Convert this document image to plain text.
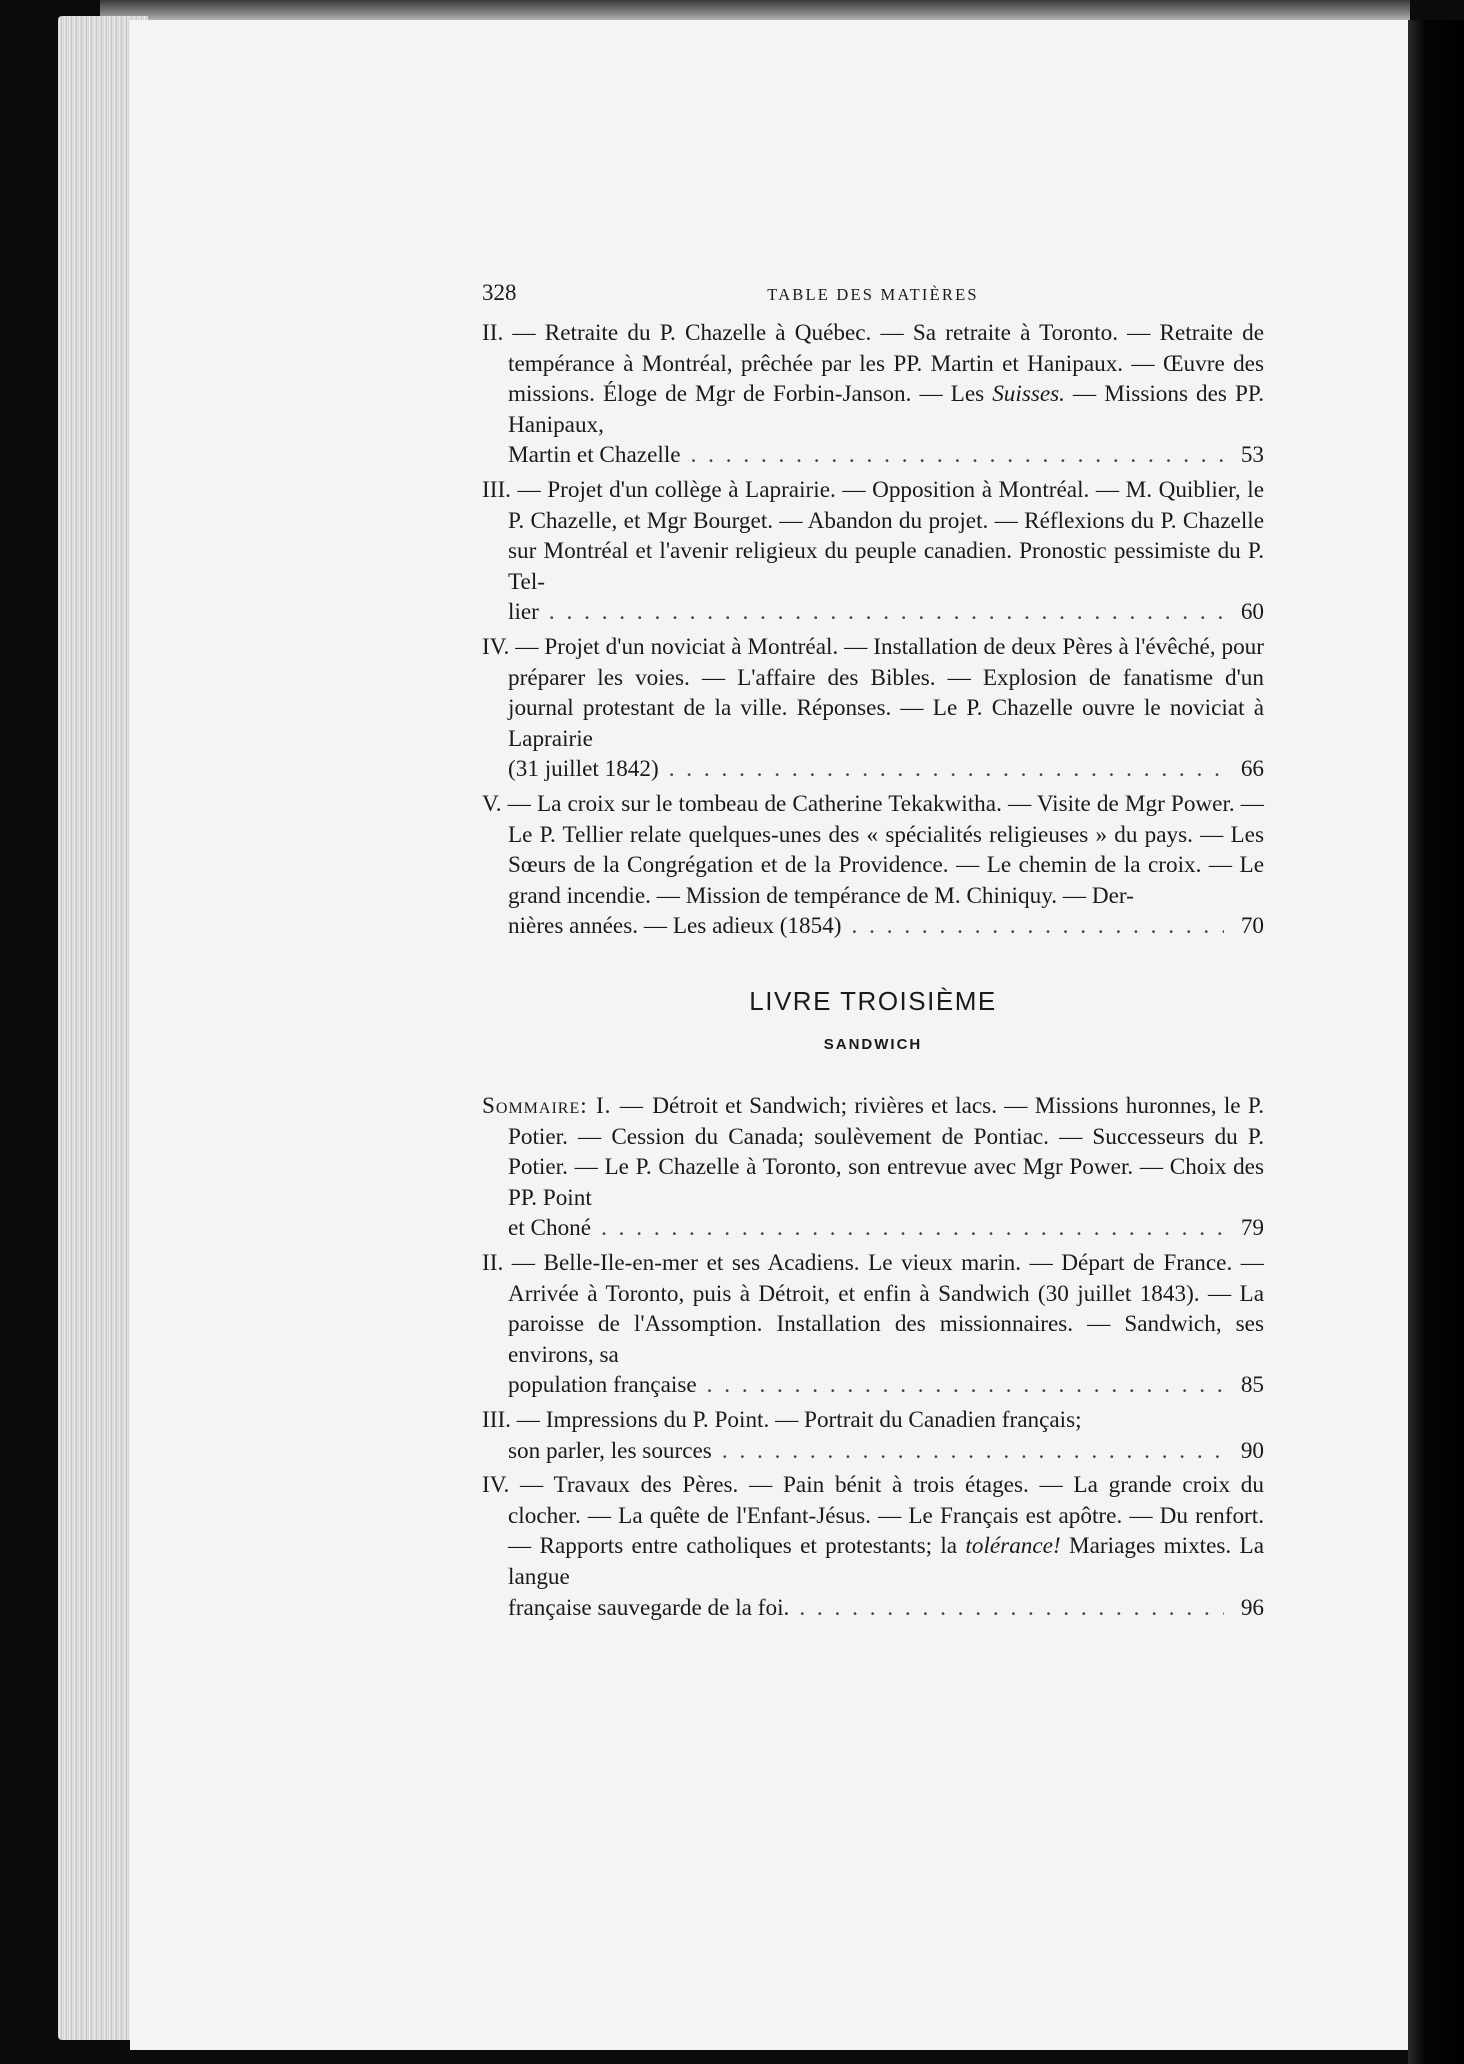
328	TABLE DES MATIÈRES

II. — Retraite du P. Chazelle à Québec. — Sa retraite à Toronto. — Retraite de tempérance à Montréal, prêchée par les PP. Martin et Hanipaux. — Œuvre des missions. Éloge de Mgr de Forbin-Janson. — Les Suisses. — Missions des PP. Hanipaux,

Martin et Chazelle . . .	53

III. — Projet d'un collège à Laprairie. — Opposition à Montréal. — M. Quiblier, le P. Chazelle, et Mgr Bourget. — Abandon du projet. — Réflexions du P. Chazelle sur Montréal et l'avenir religieux du peuple canadien. Pronostic pessimiste du P. Tel-

lier . . .	60

IV. — Projet d'un noviciat à Montréal. — Installation de deux Pères à l'évêché, pour préparer les voies. — L'affaire des Bibles. — Explosion de fanatisme d'un journal protestant de la ville. Réponses. — Le P. Chazelle ouvre le noviciat à Laprairie

(31 juillet 1842) . . .	66

V. — La croix sur le tombeau de Catherine Tekakwitha. — Visite de Mgr Power. — Le P. Tellier relate quelques-unes des « spécialités religieuses » du pays. — Les Sœurs de la Congrégation et de la Providence. — Le chemin de la croix. — Le grand incendie. — Mission de tempérance de M. Chiniquy. — Der-

nières années. — Les adieux (1854) . . .	70
LIVRE TROISIÈME
SANDWICH

Sommaire: I. — Détroit et Sandwich; rivières et lacs. — Missions huronnes, le P. Potier. — Cession du Canada; soulèvement de Pontiac. — Successeurs du P. Potier. — Le P. Chazelle à Toronto, son entrevue avec Mgr Power. — Choix des PP. Point

et Choné . . .	79

II. — Belle-Ile-en-mer et ses Acadiens. Le vieux marin. — Départ de France. — Arrivée à Toronto, puis à Détroit, et enfin à Sandwich (30 juillet 1843). — La paroisse de l'Assomption. Installation des missionnaires. — Sandwich, ses environs, sa

population française . . .	85

III. — Impressions du P. Point. — Portrait du Canadien français;

son parler, les sources . . .	90

IV. — Travaux des Pères. — Pain bénit à trois étages. — La grande croix du clocher. — La quête de l'Enfant-Jésus. — Le Français est apôtre. — Du renfort. — Rapports entre catholiques et protestants; la tolérance! Mariages mixtes. La langue

française sauvegarde de la foi. . . .	96
